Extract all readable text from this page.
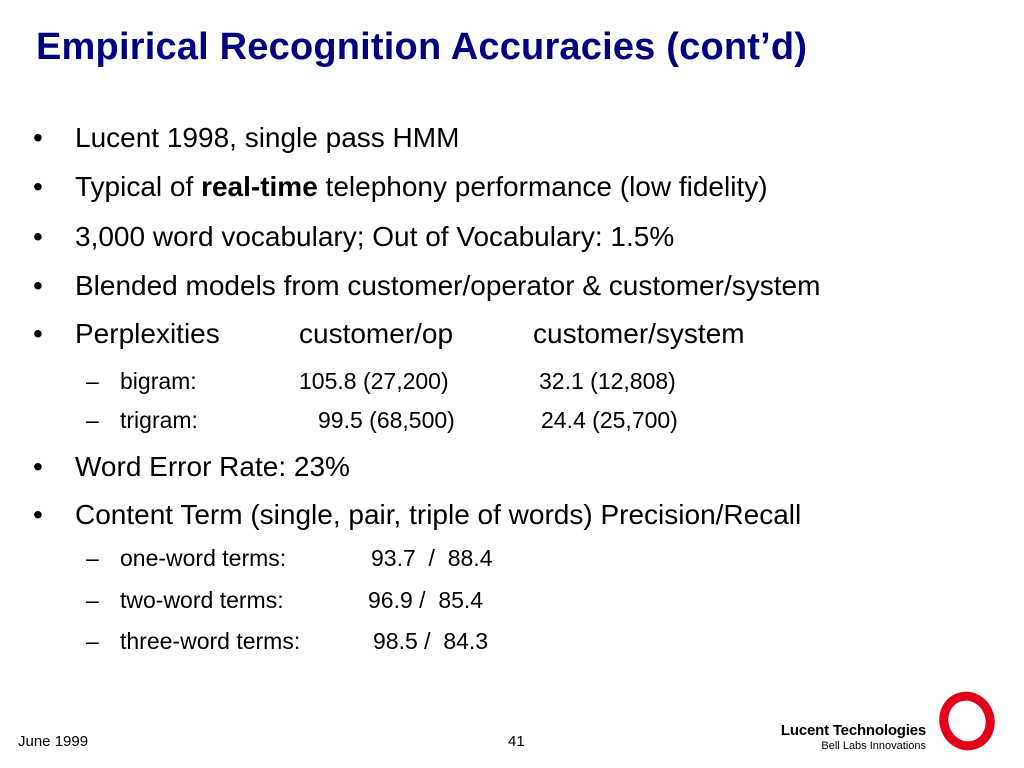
Empirical Recognition Accuracies (cont’d)
• Lucent 1998, single pass HMM
• Typical of real-time telephony performance (low fidelity)
• 3,000 word vocabulary; Out of Vocabulary: 1.5%
• Blended models from customer/operator & customer/system
• Perplexities	customer/op	customer/system
– bigram:	105.8 (27,200)	32.1 (12,808)
– trigram:	99.5 (68,500)	24.4 (25,700)
• Word Error Rate: 23%
• Content Term (single, pair, triple of words) Precision/Recall
– one-word terms:	93.7  /  88.4
– two-word terms:	96.9 /  85.4
– three-word terms:	98.5 /  84.3
June 1999	41
Lucent Technologies
Bell Labs Innovations
